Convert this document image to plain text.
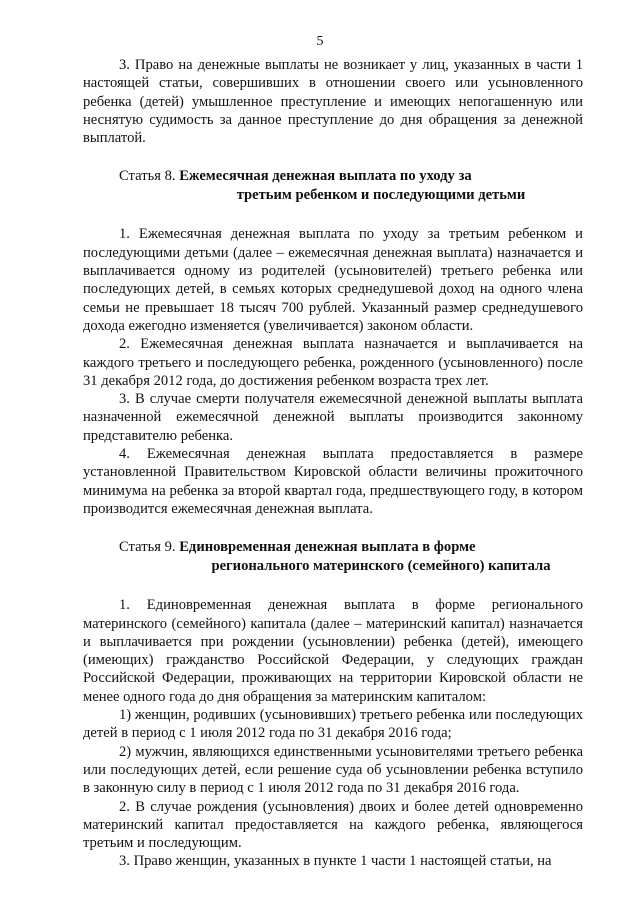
5

3. Право на денежные выплаты не возникает у лиц, указанных в части 1 настоящей статьи, совершивших в отношении своего или усыновленного ребенка (детей) умышленное преступление и имеющих непогашенную или неснятую судимость за данное преступление до дня обращения за денежной выплатой.

Статья 8. Ежемесячная денежная выплата по уходу за
третьим ребенком и последующими детьми

1. Ежемесячная денежная выплата по уходу за третьим ребенком и последующими детьми (далее – ежемесячная денежная выплата) назначается и выплачивается одному из родителей (усыновителей) третьего ребенка или последующих детей, в семьях которых среднедушевой доход на одного члена семьи не превышает 18 тысяч 700 рублей. Указанный размер среднедушевого дохода ежегодно изменяется (увеличивается) законом области.

2. Ежемесячная денежная выплата назначается и выплачивается на каждого третьего и последующего ребенка, рожденного (усыновленного) после 31 декабря 2012 года, до достижения ребенком возраста трех лет.

3. В случае смерти получателя ежемесячной денежной выплаты выплата назначенной ежемесячной денежной выплаты производится законному представителю ребенка.

4. Ежемесячная денежная выплата предоставляется в размере установленной Правительством Кировской области величины прожиточного минимума на ребенка за второй квартал года, предшествующего году, в котором производится ежемесячная денежная выплата.

Статья 9. Единовременная денежная выплата в форме
регионального материнского (семейного) капитала

1. Единовременная денежная выплата в форме регионального материнского (семейного) капитала (далее – материнский капитал) назначается и выплачивается при рождении (усыновлении) ребенка (детей), имеющего (имеющих) гражданство Российской Федерации, у следующих граждан Российской Федерации, проживающих на территории Кировской области не менее одного года до дня обращения за материнским капиталом:

1) женщин, родивших (усыновивших) третьего ребенка или последующих детей в период с 1 июля 2012 года по 31 декабря 2016 года;

2) мужчин, являющихся единственными усыновителями третьего ребенка или последующих детей, если решение суда об усыновлении ребенка вступило в законную силу в период с 1 июля 2012 года по 31 декабря 2016 года.

2. В случае рождения (усыновления) двоих и более детей одновременно материнский капитал предоставляется на каждого ребенка, являющегося третьим и последующим.

3. Право женщин, указанных в пункте 1 части 1 настоящей статьи, на
